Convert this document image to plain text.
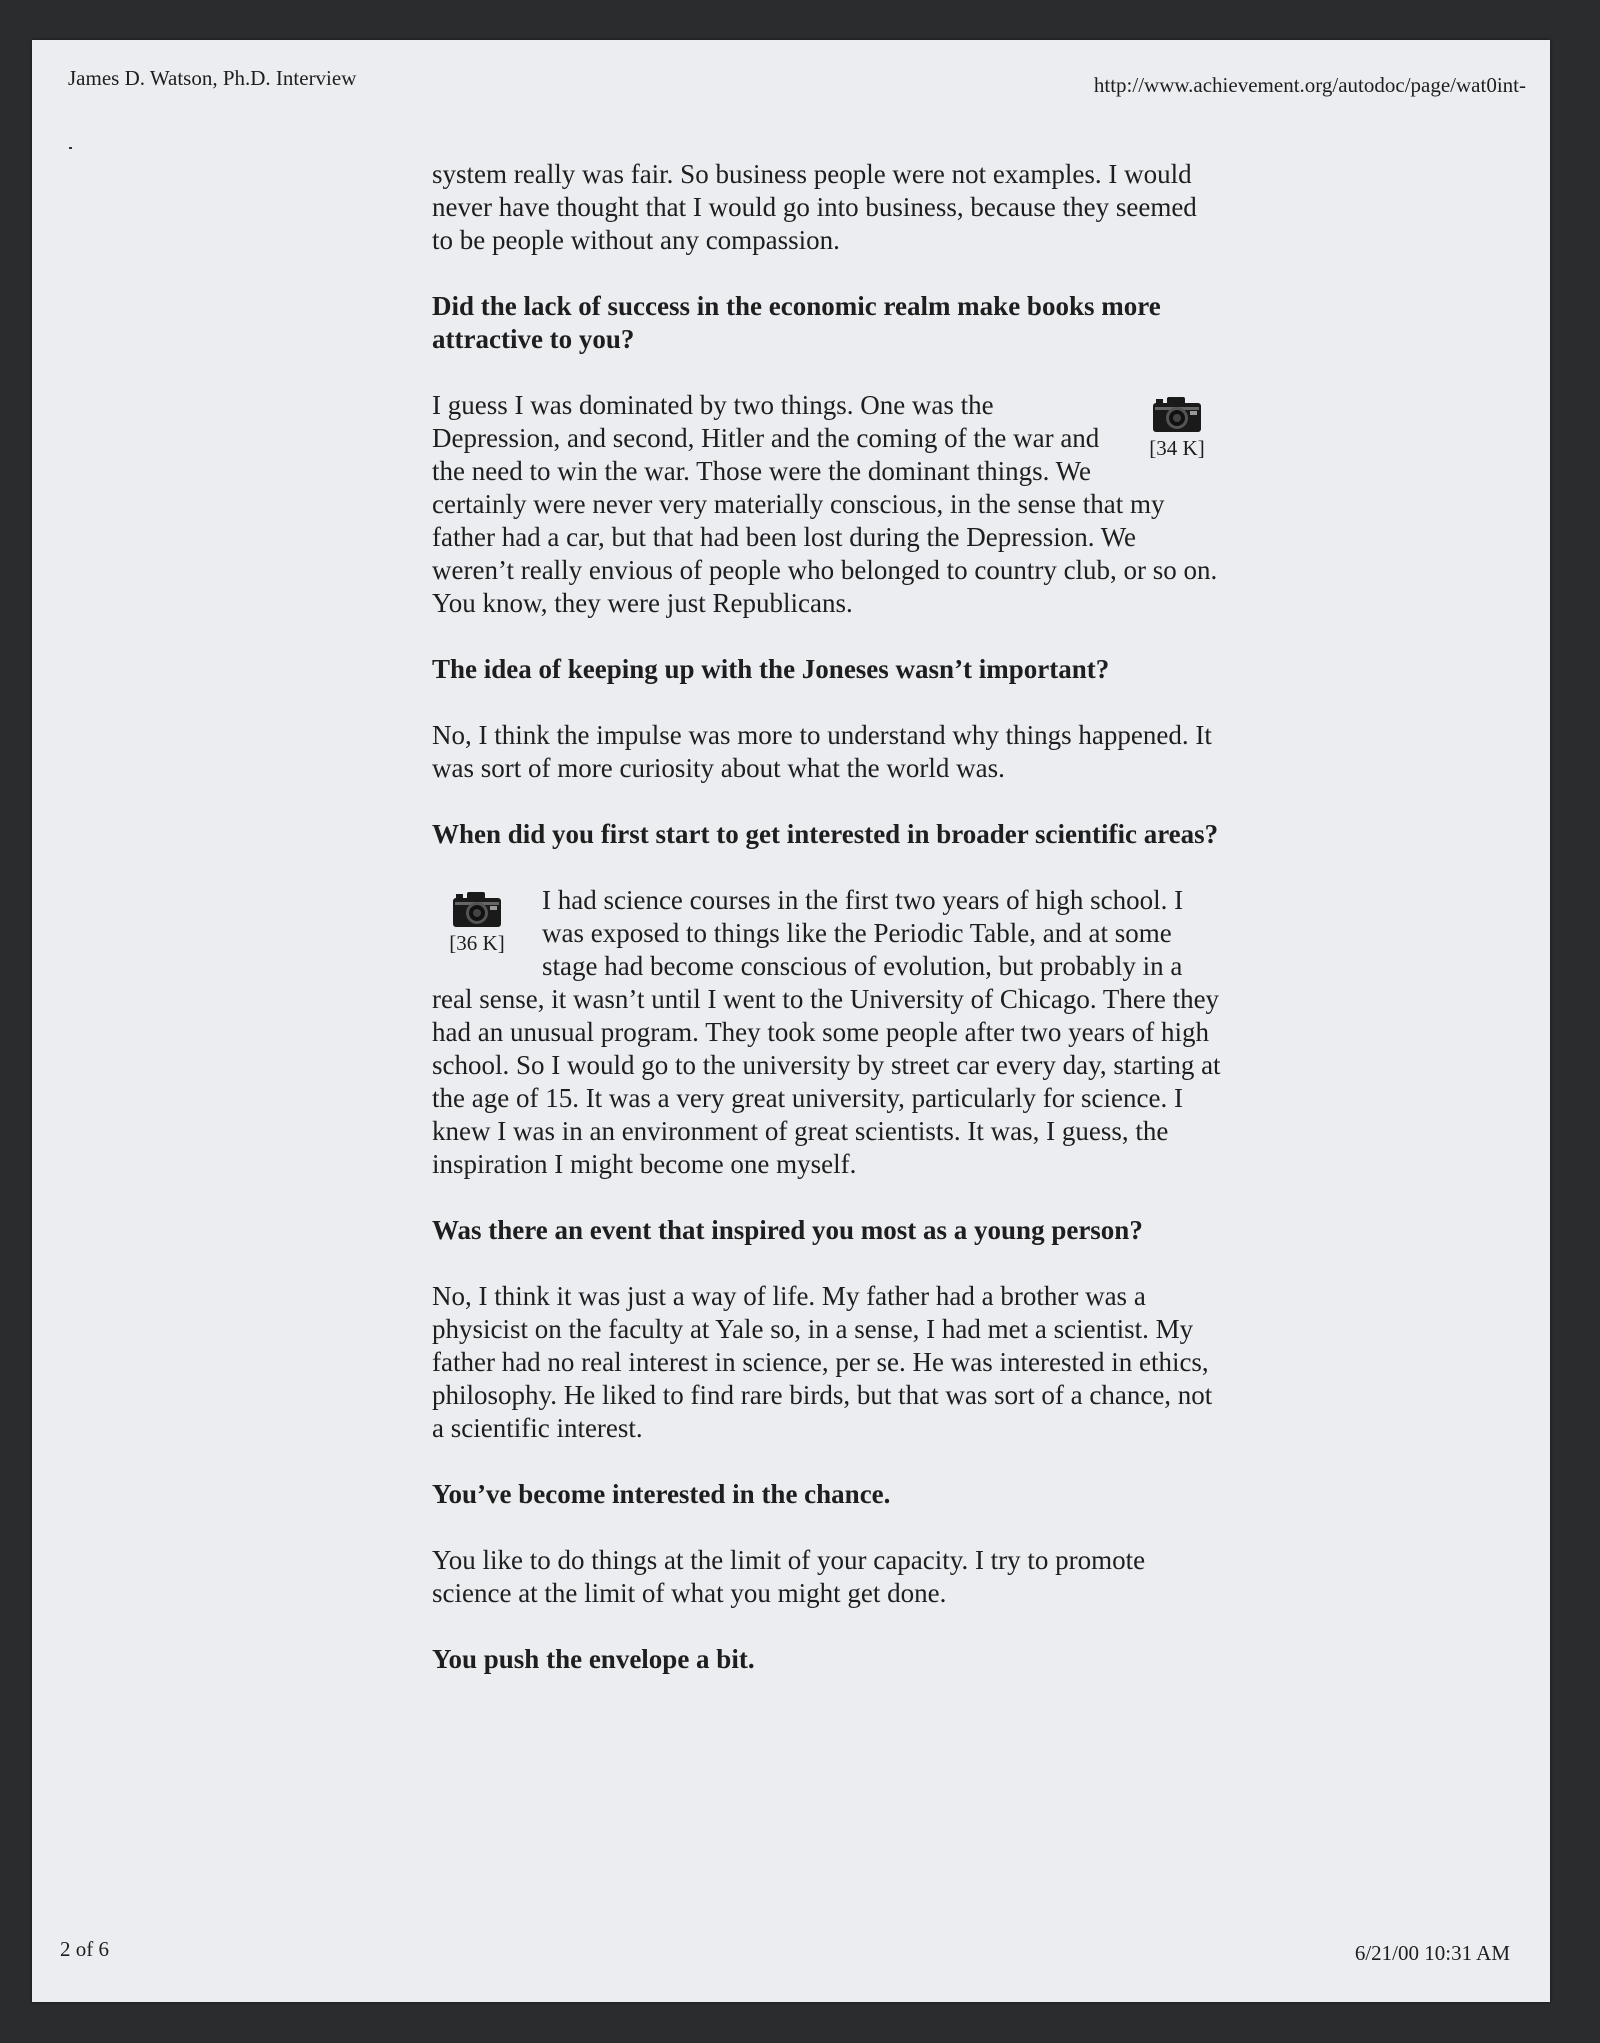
James D. Watson, Ph.D. Interview	http://www.achievement.org/autodoc/page/wat0int-

system really was fair. So business people were not examples. I would never have thought that I would go into business, because they seemed to be people without any compassion.

Did the lack of success in the economic realm make books more attractive to you?

[34 K]
I guess I was dominated by two things. One was the Depression, and second, Hitler and the coming of the war and the need to win the war. Those were the dominant things. We certainly were never very materially conscious, in the sense that my father had a car, but that had been lost during the Depression. We weren’t really envious of people who belonged to country club, or so on. You know, they were just Republicans.

The idea of keeping up with the Joneses wasn’t important?

No, I think the impulse was more to understand why things happened. It was sort of more curiosity about what the world was.

When did you first start to get interested in broader scientific areas?

[36 K]
I had science courses in the first two years of high school. I was exposed to things like the Periodic Table, and at some stage had become conscious of evolution, but probably in a real sense, it wasn’t until I went to the University of Chicago. There they had an unusual program. They took some people after two years of high school. So I would go to the university by street car every day, starting at the age of 15. It was a very great university, particularly for science. I knew I was in an environment of great scientists. It was, I guess, the inspiration I might become one myself.

Was there an event that inspired you most as a young person?

No, I think it was just a way of life. My father had a brother was a physicist on the faculty at Yale so, in a sense, I had met a scientist. My father had no real interest in science, per se. He was interested in ethics, philosophy. He liked to find rare birds, but that was sort of a chance, not a scientific interest.

You’ve become interested in the chance.

You like to do things at the limit of your capacity. I try to promote science at the limit of what you might get done.

You push the envelope a bit.

2 of 6	6/21/00 10:31 AM
